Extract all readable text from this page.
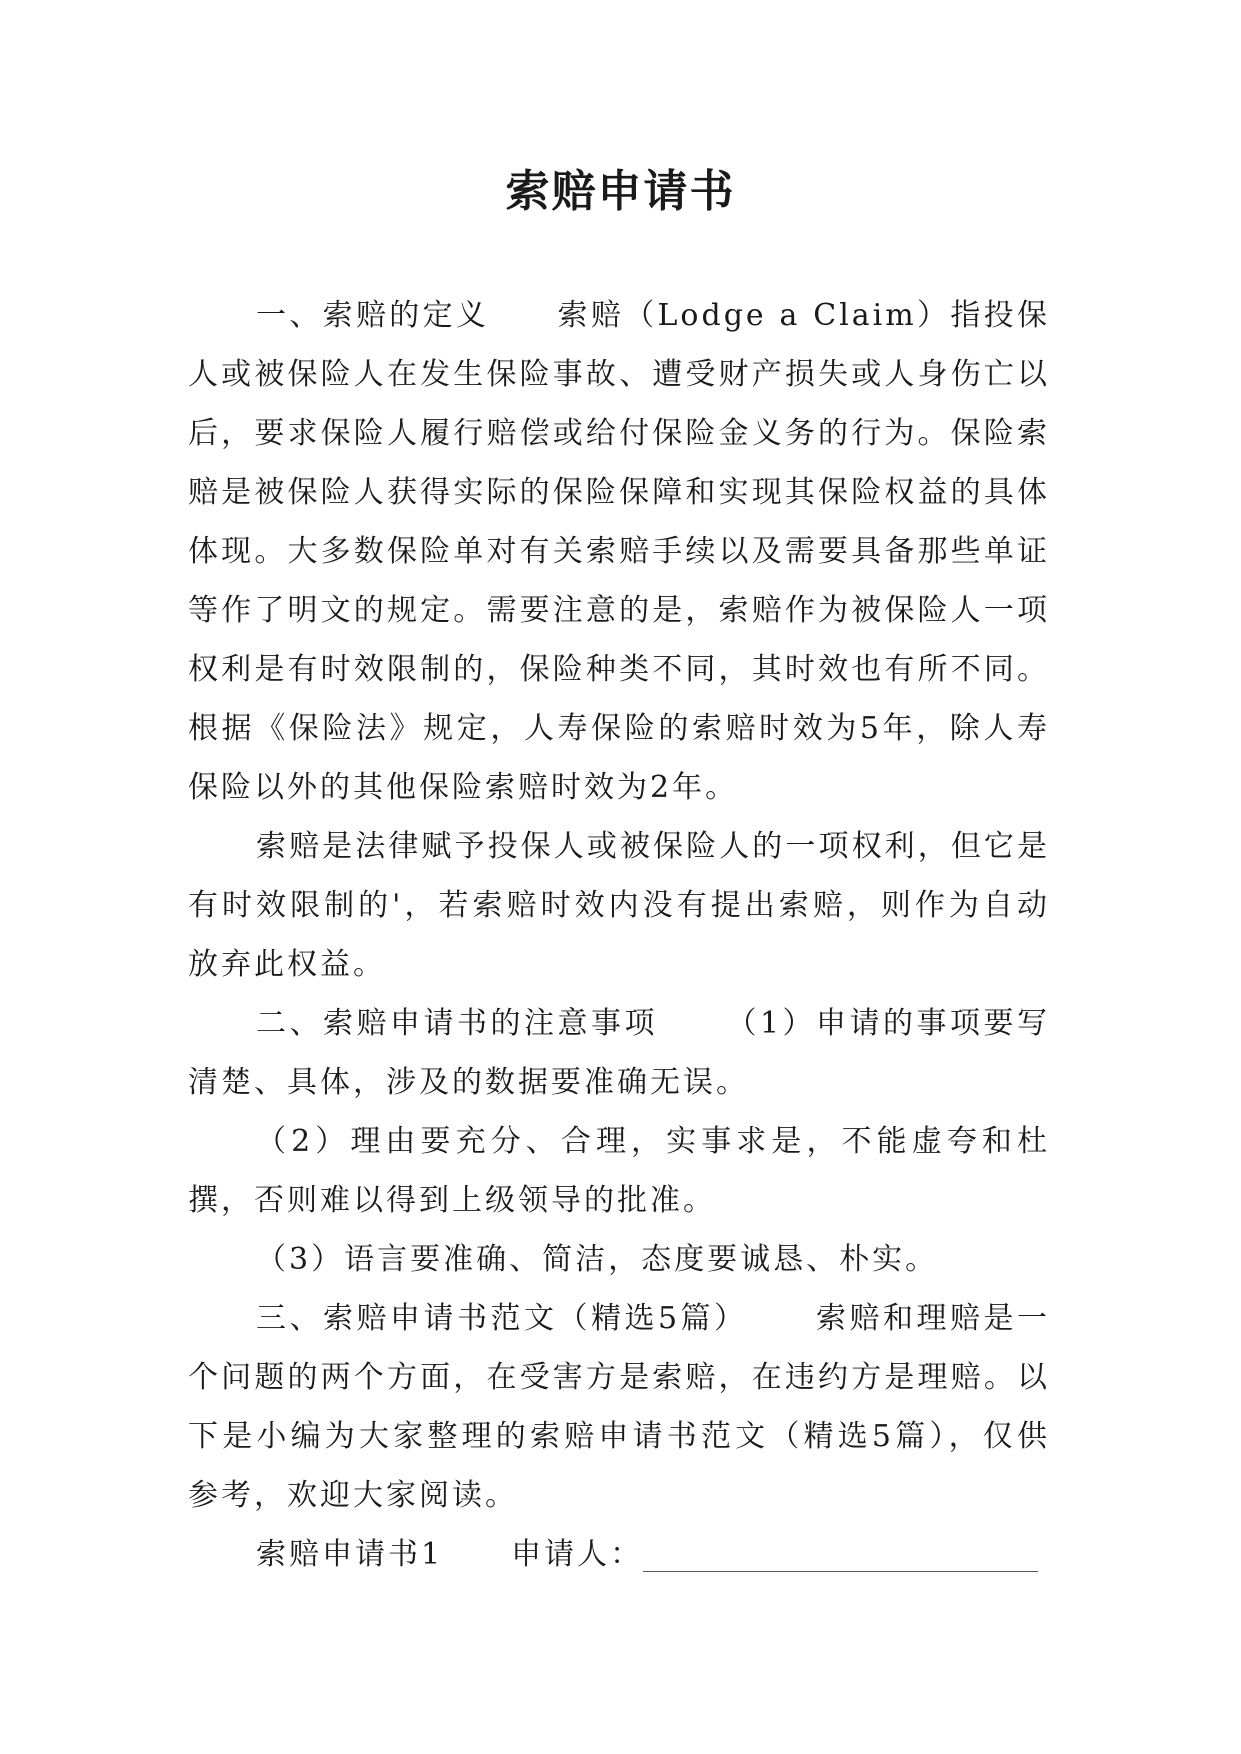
索赔申请书

一、索赔的定义 索赔（Lodge a Claim）指投保人或被保险人在发生保险事故、遭受财产损失或人身伤亡以后，要求保险人履行赔偿或给付保险金义务的行为。保险索赔是被保险人获得实际的保险保障和实现其保险权益的具体体现。大多数保险单对有关索赔手续以及需要具备那些单证等作了明文的规定。需要注意的是，索赔作为被保险人一项权利是有时效限制的，保险种类不同，其时效也有所不同。根据《保险法》规定，人寿保险的索赔时效为5年，除人寿保险以外的其他保险索赔时效为2年。

索赔是法律赋予投保人或被保险人的一项权利，但它是有时效限制的'，若索赔时效内没有提出索赔，则作为自动放弃此权益。

二、索赔申请书的注意事项 （1）申请的事项要写清楚、具体，涉及的数据要准确无误。

（2）理由要充分、合理，实事求是，不能虚夸和杜撰，否则难以得到上级领导的批准。

（3）语言要准确、简洁，态度要诚恳、朴实。

三、索赔申请书范文（精选5篇） 索赔和理赔是一个问题的两个方面，在受害方是索赔，在违约方是理赔。以下是小编为大家整理的索赔申请书范文（精选5篇），仅供参考，欢迎大家阅读。

索赔申请书1 申请人：
